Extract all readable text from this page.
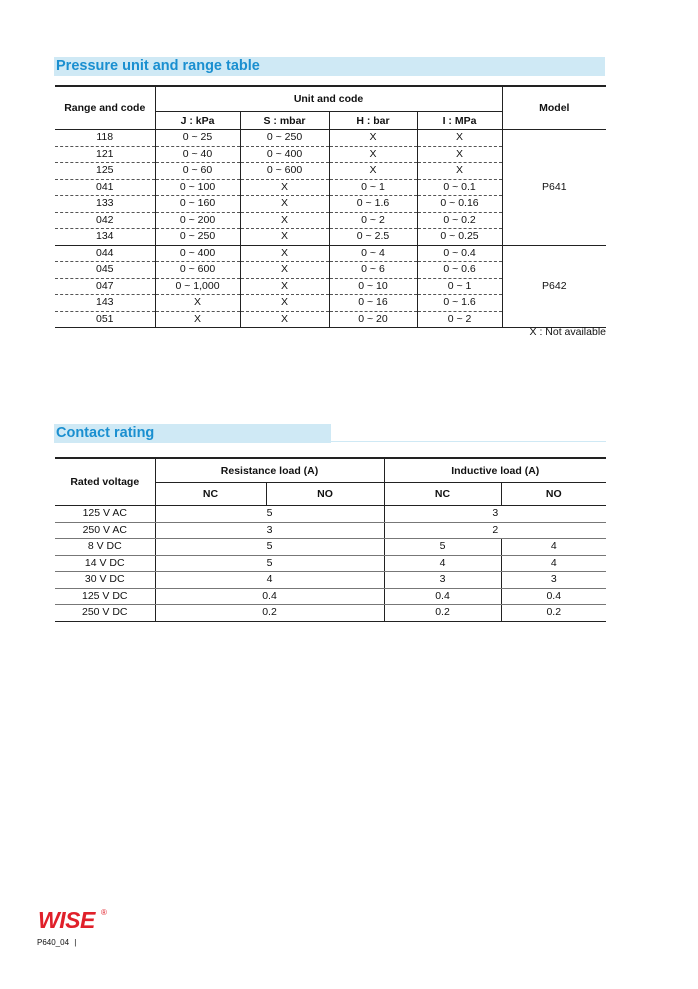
Pressure unit and range table
Range and code	Unit and code				Model
	J : kPa	S : mbar	H : bar	I : MPa	
118	0 ~ 25	0 ~ 250	X	X	P641
121	0 ~ 40	0 ~ 400	X	X	
125	0 ~ 60	0 ~ 600	X	X	
041	0 ~ 100	X	0 ~ 1	0 ~ 0.1	
133	0 ~ 160	X	0 ~ 1.6	0 ~ 0.16	
042	0 ~ 200	X	0 ~ 2	0 ~ 0.2	
134	0 ~ 250	X	0 ~ 2.5	0 ~ 0.25	
044	0 ~ 400	X	0 ~ 4	0 ~ 0.4	P642
045	0 ~ 600	X	0 ~ 6	0 ~ 0.6	
047	0 ~ 1,000	X	0 ~ 10	0 ~ 1	
143	X	X	0 ~ 16	0 ~ 1.6	
051	X	X	0 ~ 20	0 ~ 2	
X : Not available
Contact rating
Rated voltage	Resistance load (A)		Inductive load (A)	
	NC	NO	NC	NO
125 V AC	5		3	
250 V AC	3		2	
8 V DC	5		5	4
14 V DC	5		4	4
30 V DC	4		3	3
125 V DC	0.4		0.4	0.4
250 V DC	0.2		0.2	0.2
WISE ®
P640_04 |
